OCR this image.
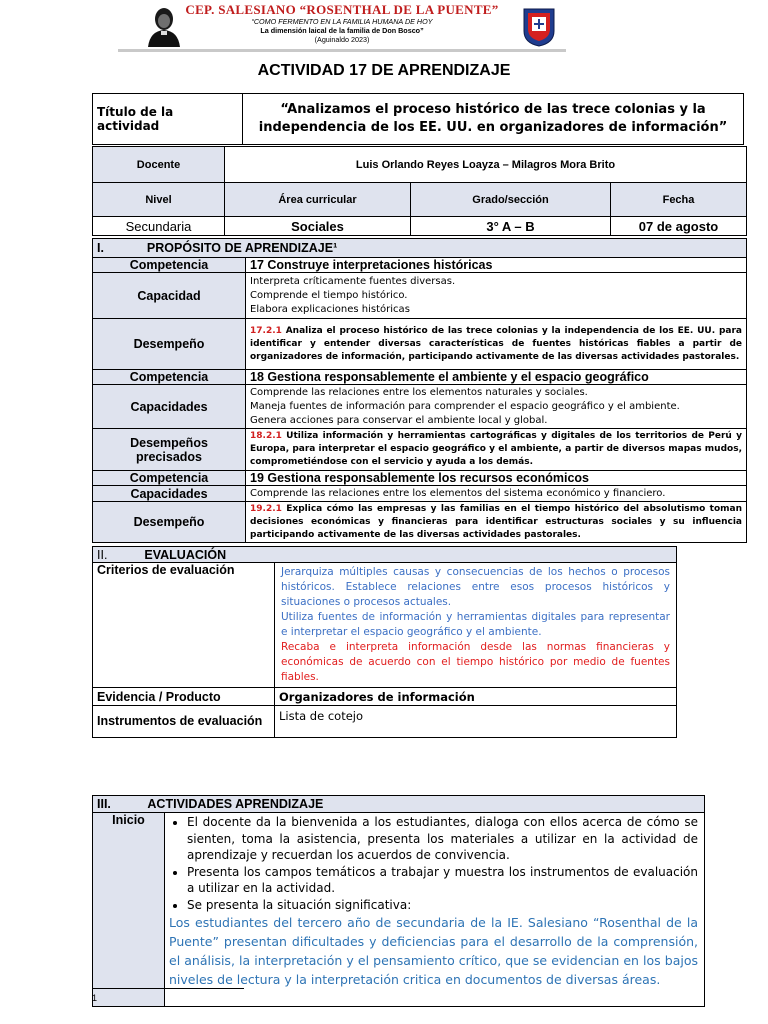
CEP. SALESIANO “ROSENTHAL DE LA PUENTE”
“COMO FERMENTO EN LA FAMILIA HUMANA DE HOY
La dimensión laical de la familia de Don Bosco”
(Aguinaldo 2023)
ACTIVIDAD 17 DE APRENDIZAJE
Título de la actividad	“Analizamos el proceso histórico de las trece colonias y la independencia de los EE. UU. en organizadores de información”
Docente	Luis Orlando Reyes Loayza – Milagros Mora Brito		
Nivel	Área curricular	Grado/sección	Fecha
Secundaria	Sociales	3° A – B	07 de agosto
I. PROPÓSITO DE APRENDIZAJE¹	
Competencia	17 Construye interpretaciones históricas
Capacidad	Interpreta críticamente fuentes diversas.
Comprende el tiempo histórico.
Elabora explicaciones históricas

Desempeño	17.2.1 Analiza el proceso histórico de las trece colonias y la independencia de los EE. UU. para identificar y entender diversas características de fuentes históricas fiables a partir de organizadores de información, participando activamente de las diversas actividades pastorales.
Competencia	18 Gestiona responsablemente el ambiente y el espacio geográfico
Capacidades	Comprende las relaciones entre los elementos naturales y sociales.
Maneja fuentes de información para comprender el espacio geográfico y el ambiente.
Genera acciones para conservar el ambiente local y global.

Desempeños precisados	18.2.1 Utiliza información y herramientas cartográficas y digitales de los territorios de Perú y Europa, para interpretar el espacio geográfico y el ambiente, a partir de diversos mapas mudos, comprometiéndose con el servicio y ayuda a los demás.
Competencia	19 Gestiona responsablemente los recursos económicos
Capacidades	Comprende las relaciones entre los elementos del sistema económico y financiero.

Desempeño	19.2.1 Explica cómo las empresas y las familias en el tiempo histórico del absolutismo toman decisiones económicas y financieras para identificar estructuras sociales y su influencia participando activamente de las diversas actividades pastorales.
II. EVALUACIÓN	
Criterios de evaluación	Jerarquiza múltiples causas y consecuencias de los hechos o procesos históricos. Establece relaciones entre esos procesos históricos y situaciones o procesos actuales.
Utiliza fuentes de información y herramientas digitales para representar e interpretar el espacio geográfico y el ambiente.
Recaba e interpreta información desde las normas financieras y económicas de acuerdo con el tiempo histórico por medio de fuentes fiables.

Evidencia / Producto	Organizadores de información
Instrumentos de evaluación	Lista de cotejo
III.	ACTIVIDADES APRENDIZAJE
Inicio	
•El docente da la bienvenida a los estudiantes, dialoga con ellos acerca de cómo se sienten, toma la asistencia, presenta los materiales a utilizar en la actividad de aprendizaje y recuerdan los acuerdos de convivencia.
• Presenta los campos temáticos a trabajar y muestra los instrumentos de evaluación a utilizar en la actividad.
• Se presenta la situación significativa:
Los estudiantes del tercero año de secundaria de la IE. Salesiano “Rosenthal de la Puente” presentan dificultades y deficiencias para el desarrollo de la comprensión, el análisis, la interpretación y el pensamiento crítico, que se evidencian en los bajos niveles de lectura y la interpretación critica en documentos de diversas áreas.
1
